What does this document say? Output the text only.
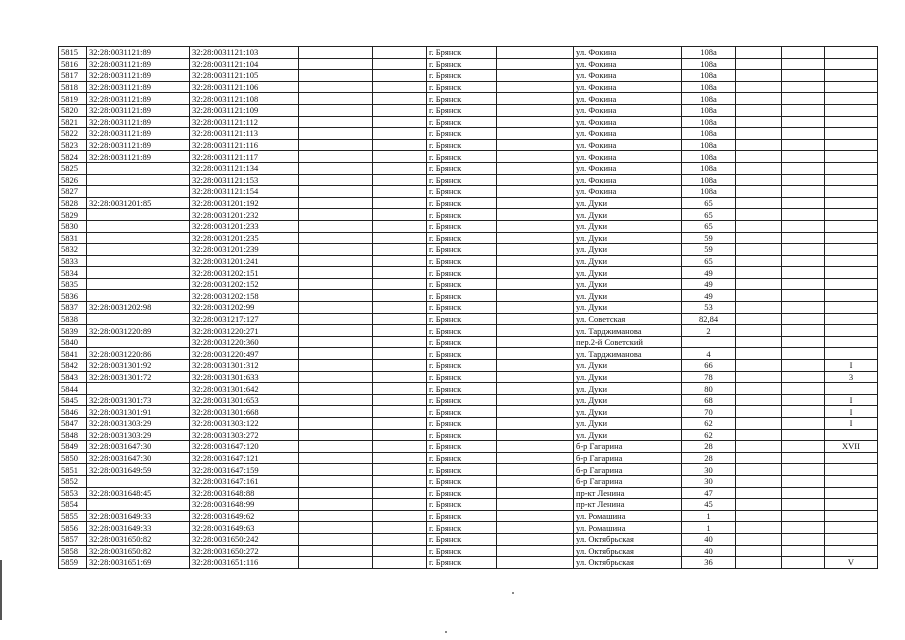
5815	32:28:0031121:89	32:28:0031121:103			г. Брянск		ул. Фокина	108а			
5816	32:28:0031121:89	32:28:0031121:104			г. Брянск		ул. Фокина	108а			
5817	32:28:0031121:89	32:28:0031121:105			г. Брянск		ул. Фокина	108а			
5818	32:28:0031121:89	32:28:0031121:106			г. Брянск		ул. Фокина	108а			
5819	32:28:0031121:89	32:28:0031121:108			г. Брянск		ул. Фокина	108а			
5820	32:28:0031121:89	32:28:0031121:109			г. Брянск		ул. Фокина	108а			
5821	32:28:0031121:89	32:28:0031121:112			г. Брянск		ул. Фокина	108а			
5822	32:28:0031121:89	32:28:0031121:113			г. Брянск		ул. Фокина	108а			
5823	32:28:0031121:89	32:28:0031121:116			г. Брянск		ул. Фокина	108а			
5824	32:28:0031121:89	32:28:0031121:117			г. Брянск		ул. Фокина	108а			
5825		32:28:0031121:134			г. Брянск		ул. Фокина	108а			
5826		32:28:0031121:153			г. Брянск		ул. Фокина	108а			
5827		32:28:0031121:154			г. Брянск		ул. Фокина	108а			
5828	32:28:0031201:85	32:28:0031201:192			г. Брянск		ул. Дуки	65			
5829		32:28:0031201:232			г. Брянск		ул. Дуки	65			
5830		32:28:0031201:233			г. Брянск		ул. Дуки	65			
5831		32:28:0031201:235			г. Брянск		ул. Дуки	59			
5832		32:28:0031201:239			г. Брянск		ул. Дуки	59			
5833		32:28:0031201:241			г. Брянск		ул. Дуки	65			
5834		32:28:0031202:151			г. Брянск		ул. Дуки	49			
5835		32:28:0031202:152			г. Брянск		ул. Дуки	49			
5836		32:28:0031202:158			г. Брянск		ул. Дуки	49			
5837	32:28:0031202:98	32:28:0031202:99			г. Брянск		ул. Дуки	53			
5838		32:28:0031217:127			г. Брянск		ул. Советская	82,84			
5839	32:28:0031220:89	32:28:0031220:271			г. Брянск		ул. Тарджиманова	2			
5840		32:28:0031220:360			г. Брянск		пер.2-й Советский				
5841	32:28:0031220:86	32:28:0031220:497			г. Брянск		ул. Тарджиманова	4			
5842	32:28:0031301:92	32:28:0031301:312			г. Брянск		ул. Дуки	66			I
5843	32:28:0031301:72	32:28:0031301:633			г. Брянск		ул. Дуки	78			3
5844		32:28:0031301:642			г. Брянск		ул. Дуки	80			
5845	32:28:0031301:73	32:28:0031301:653			г. Брянск		ул. Дуки	68			I
5846	32:28:0031301:91	32:28:0031301:668			г. Брянск		ул. Дуки	70			I
5847	32:28:0031303:29	32:28:0031303:122			г. Брянск		ул. Дуки	62			I
5848	32:28:0031303:29	32:28:0031303:272			г. Брянск		ул. Дуки	62			
5849	32:28:0031647:30	32:28:0031647:120			г. Брянск		б-р Гагарина	28			XVII
5850	32:28:0031647:30	32:28:0031647:121			г. Брянск		б-р Гагарина	28			
5851	32:28:0031649:59	32:28:0031647:159			г. Брянск		б-р Гагарина	30			
5852		32:28:0031647:161			г. Брянск		б-р Гагарина	30			
5853	32:28:0031648:45	32:28:0031648:88			г. Брянск		пр-кт Ленина	47			
5854		32:28:0031648:99			г. Брянск		пр-кт Ленина	45			
5855	32:28:0031649:33	32:28:0031649:62			г. Брянск		ул. Ромашина	1			
5856	32:28:0031649:33	32:28:0031649:63			г. Брянск		ул. Ромашина	1			
5857	32:28:0031650:82	32:28:0031650:242			г. Брянск		ул. Октябрьская	40			
5858	32:28:0031650:82	32:28:0031650:272			г. Брянск		ул. Октябрьская	40			
5859	32:28:0031651:69	32:28:0031651:116			г. Брянск		ул. Октябрьская	36			V
